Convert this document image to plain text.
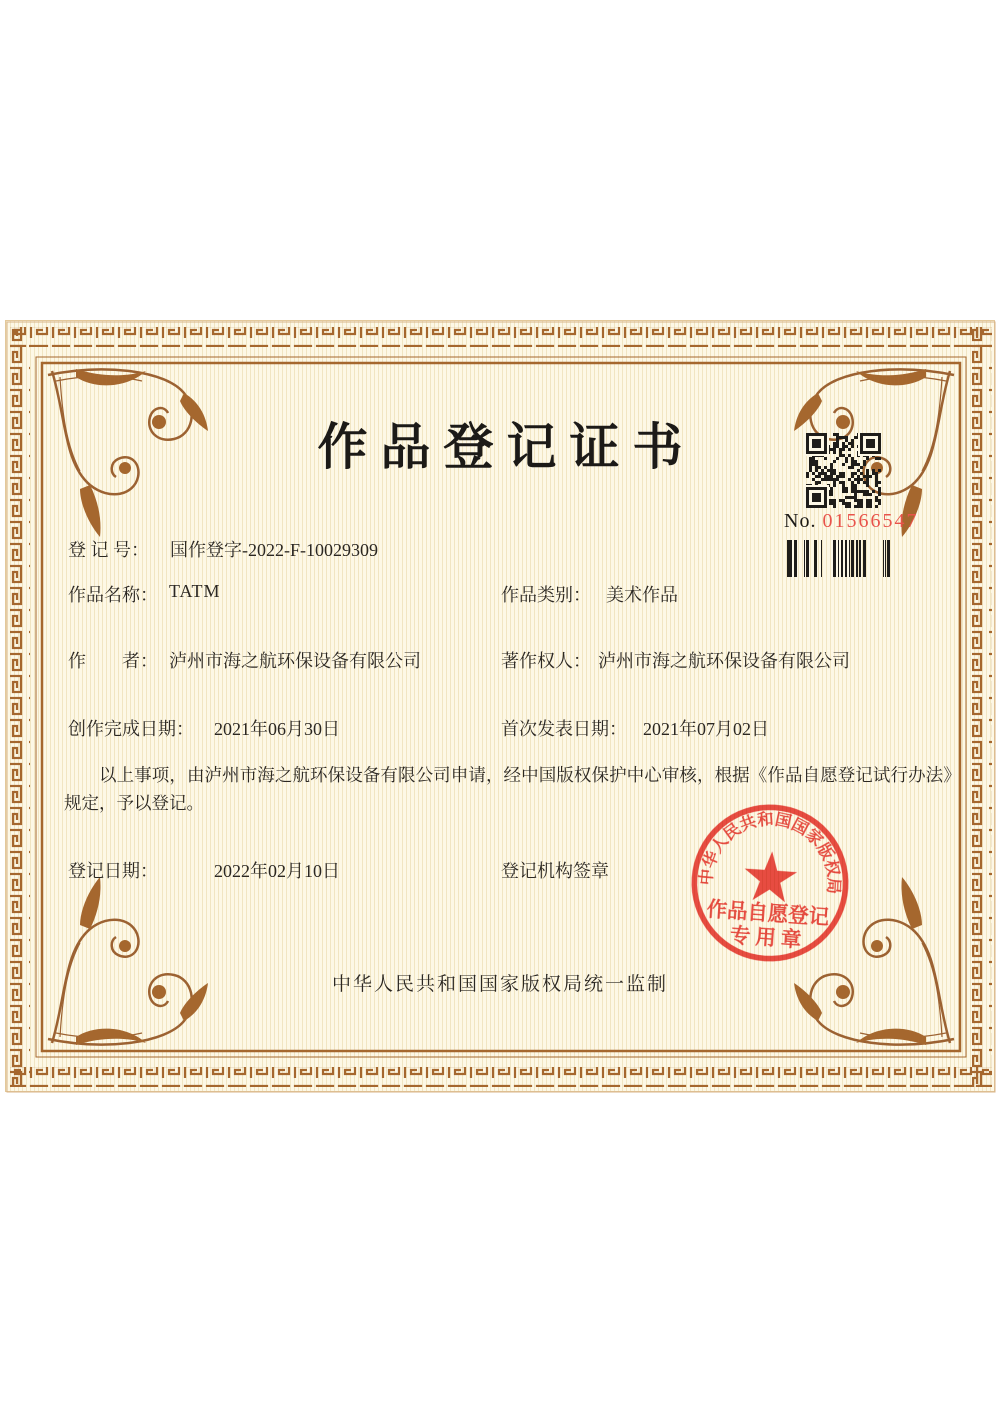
作品登记证书
No. 01566547
登 记 号： 国作登字-2022-F-10029309
作品名称： TATM	作品类别： 美术作品
作　　者： 泸州市海之航环保设备有限公司	著作权人： 泸州市海之航环保设备有限公司
创作完成日期： 2021年06月30日	首次发表日期： 2021年07月02日
以上事项，由泸州市海之航环保设备有限公司申请，经中国版权保护中心审核，根据《作品自愿登记试行办法》规定，予以登记。
登记日期：	2022年02月10日	登记机构签章	中华人民共和国国家版权局
作品自愿登记
专用章
中华人民共和国国家版权局统一监制
